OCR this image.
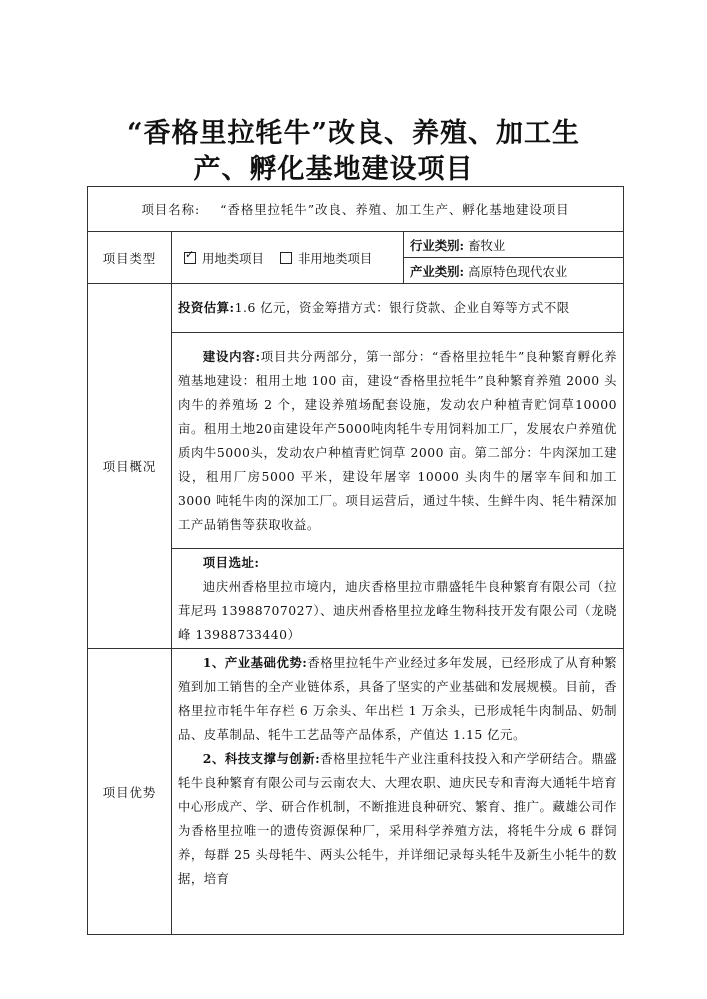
“香格里拉牦牛”改良、养殖、加工生
产、孵化基地建设项目
项目名称: “香格里拉牦牛”改良、养殖、加工生产、孵化基地建设项目		
项目类型	✓用地类项目 非用地类项目	行业类别: 畜牧业
		产业类别: 高原特色现代农业
项目概况	投资估算:1.6 亿元，资金筹措方式：银行贷款、企业自筹等方式不限	

	建设内容:项目共分两部分，第一部分：“香格里拉牦牛”良种繁育孵化养殖基地建设：租用土地 100 亩，建设“香格里拉牦牛”良种繁育养殖 2000 头肉牛的养殖场 2 个，建设养殖场配套设施，发动农户种植青贮饲草10000亩。租用土地20亩建设年产5000吨肉牦牛专用饲料加工厂，发展农户养殖优质肉牛5000头，发动农户种植青贮饲草 2000 亩。第二部分：牛肉深加工建设，租用厂房5000 平米，建设年屠宰 10000 头肉牛的屠宰车间和加工 3000 吨牦牛肉的深加工厂。项目运营后，通过牛犊、生鲜牛肉、牦牛精深加工产品销售等获取收益。	

	项目选址:

迪庆州香格里拉市境内，迪庆香格里拉市鼎盛牦牛良种繁育有限公司（拉茸尼玛 13988707027）、迪庆州香格里拉龙峰生物科技开发有限公司（龙晓峰 13988733440）	

项目优势	1、产业基础优势:香格里拉牦牛产业经过多年发展，已经形成了从育种繁殖到加工销售的全产业链体系，具备了坚实的产业基础和发展规模。目前，香格里拉市牦牛年存栏 6 万余头、年出栏 1 万余头，已形成牦牛肉制品、奶制品、皮革制品、牦牛工艺品等产品体系，产值达 1.15 亿元。

2、科技支撑与创新:香格里拉牦牛产业注重科技投入和产学研结合。鼎盛牦牛良种繁育有限公司与云南农大、大理农职、迪庆民专和青海大通牦牛培育中心形成产、学、研合作机制，不断推进良种研究、繁育、推广。藏雄公司作为香格里拉唯一的遗传资源保种厂，采用科学养殖方法，将牦牛分成 6 群饲养，每群 25 头母牦牛、两头公牦牛，并详细记录每头牦牛及新生小牦牛的数据，培育	
